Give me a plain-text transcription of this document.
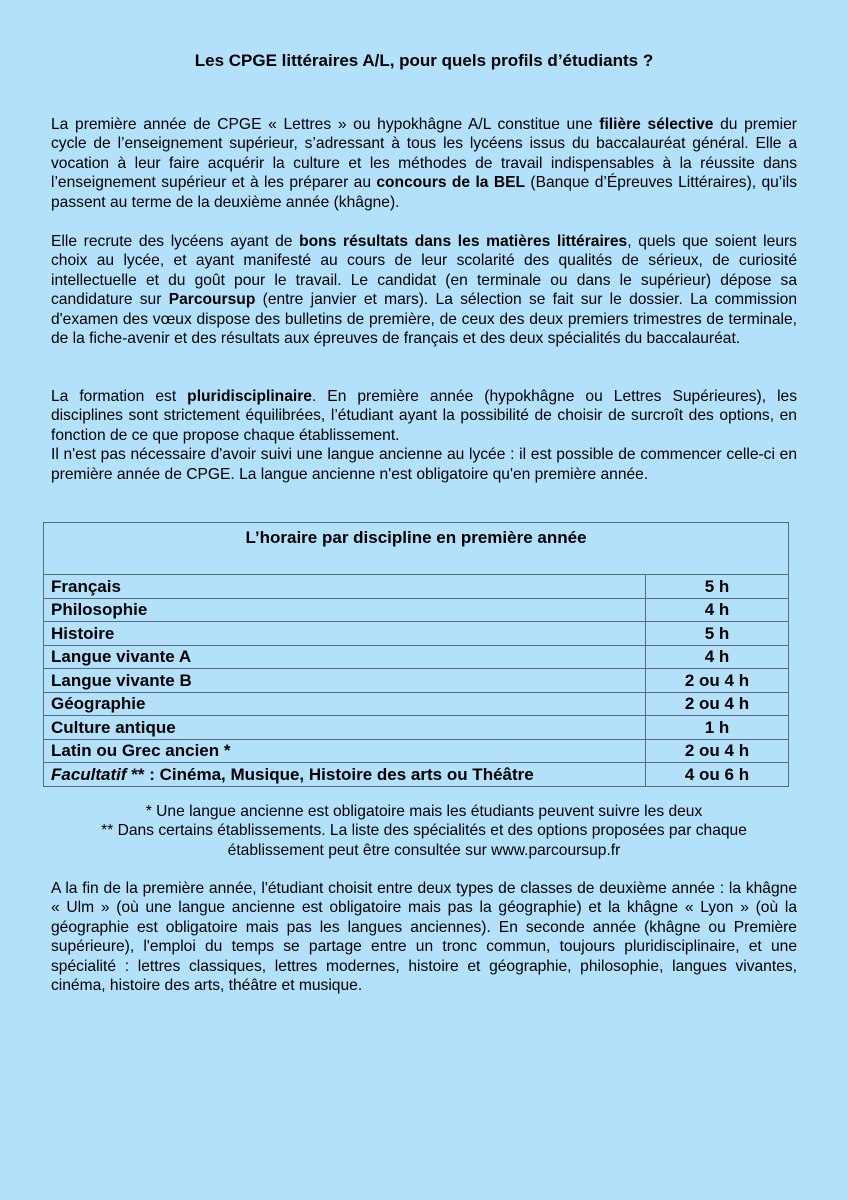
Les CPGE littéraires A/L, pour quels profils d’étudiants ?
La première année de CPGE « Lettres » ou hypokhâgne A/L constitue une filière sélective du premier cycle de l’enseignement supérieur, s’adressant à tous les lycéens issus du baccalauréat général. Elle a vocation à leur faire acquérir la culture et les méthodes de travail indispensables à la réussite dans l’enseignement supérieur et à les préparer au concours de la BEL (Banque d’Épreuves Littéraires), qu’ils passent au terme de la deuxième année (khâgne).
Elle recrute des lycéens ayant de bons résultats dans les matières littéraires, quels que soient leurs choix au lycée, et ayant manifesté au cours de leur scolarité des qualités de sérieux, de curiosité intellectuelle et du goût pour le travail. Le candidat (en terminale ou dans le supérieur) dépose sa candidature sur Parcoursup (entre janvier et mars). La sélection se fait sur le dossier. La commission d'examen des vœux dispose des bulletins de première, de ceux des deux premiers trimestres de terminale, de la fiche-avenir et des résultats aux épreuves de français et des deux spécialités du baccalauréat.

La formation est pluridisciplinaire. En première année (hypokhâgne ou Lettres Supérieures), les disciplines sont strictement équilibrées, l’étudiant ayant la possibilité de choisir de surcroît des options, en fonction de ce que propose chaque établissement.

Il n'est pas nécessaire d'avoir suivi une langue ancienne au lycée : il est possible de commencer celle-ci en première année de CPGE. La langue ancienne n'est obligatoire qu'en première année.

L’horaire par discipline en première année	
Français	5 h
Philosophie	4 h
Histoire	5 h
Langue vivante A	4 h
Langue vivante B	2 ou 4 h
Géographie	2 ou 4 h
Culture antique	1 h
Latin ou Grec ancien *	2 ou 4 h
Facultatif ** : Cinéma, Musique, Histoire des arts ou Théâtre	4 ou 6 h
* Une langue ancienne est obligatoire mais les étudiants peuvent suivre les deux
** Dans certains établissements. La liste des spécialités et des options proposées par chaque
établissement peut être consultée sur www.parcoursup.fr
A la fin de la première année, l'étudiant choisit entre deux types de classes de deuxième année : la khâgne « Ulm » (où une langue ancienne est obligatoire mais pas la géographie) et la khâgne « Lyon » (où la géographie est obligatoire mais pas les langues anciennes). En seconde année (khâgne ou Première supérieure), l'emploi du temps se partage entre un tronc commun, toujours pluridisciplinaire, et une spécialité : lettres classiques, lettres modernes, histoire et géographie, philosophie, langues vivantes, cinéma, histoire des arts, théâtre et musique.
